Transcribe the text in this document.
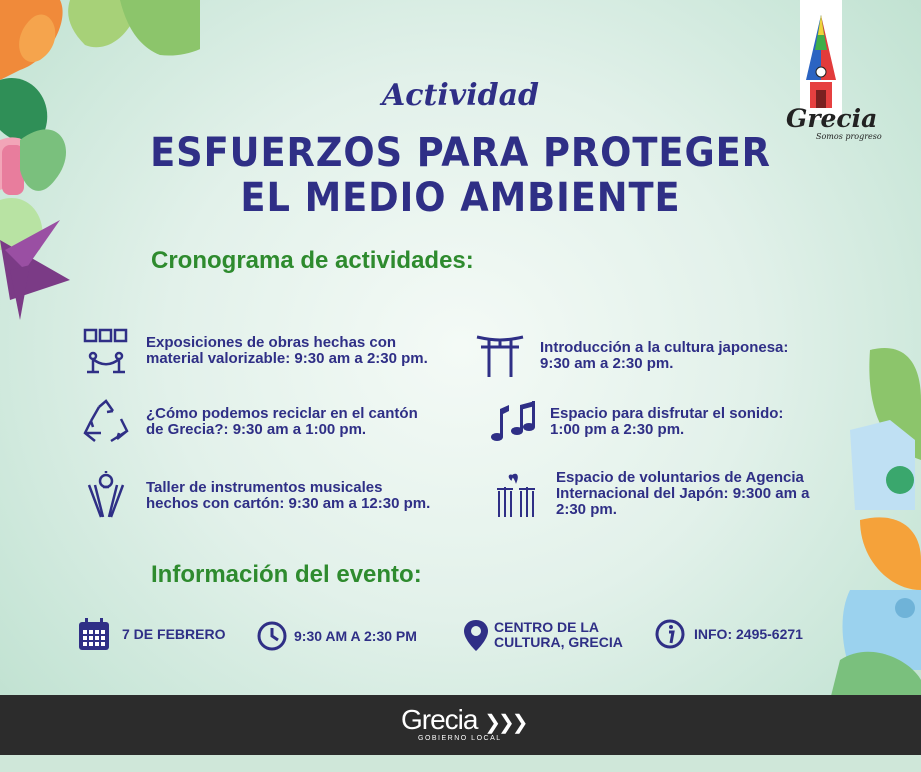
Grecia
Somos progreso
Actividad
ESFUERZOS PARA PROTEGER
EL MEDIO AMBIENTE
Cronograma de actividades:
Exposiciones de obras hechas con
material valorizable: 9:30 am a 2:30 pm.
¿Cómo podemos reciclar en el cantón
de Grecia?: 9:30 am a 1:00 pm.
Taller de instrumentos musicales
hechos con cartón: 9:30 am a 12:30 pm.
Introducción a la cultura japonesa:
9:30 am a 2:30 pm.
Espacio para disfrutar el sonido:
1:00 pm a 2:30 pm.
Espacio de voluntarios de Agencia
Internacional del Japón: 9:300 am a
2:30 pm.
Información del evento:
7 DE FEBRERO	9:30 AM A 2:30 PM
CENTRO DE LA
CULTURA, GRECIA
INFO: 2495-6271
Grecia ❯❯❯
GOBIERNO LOCAL
